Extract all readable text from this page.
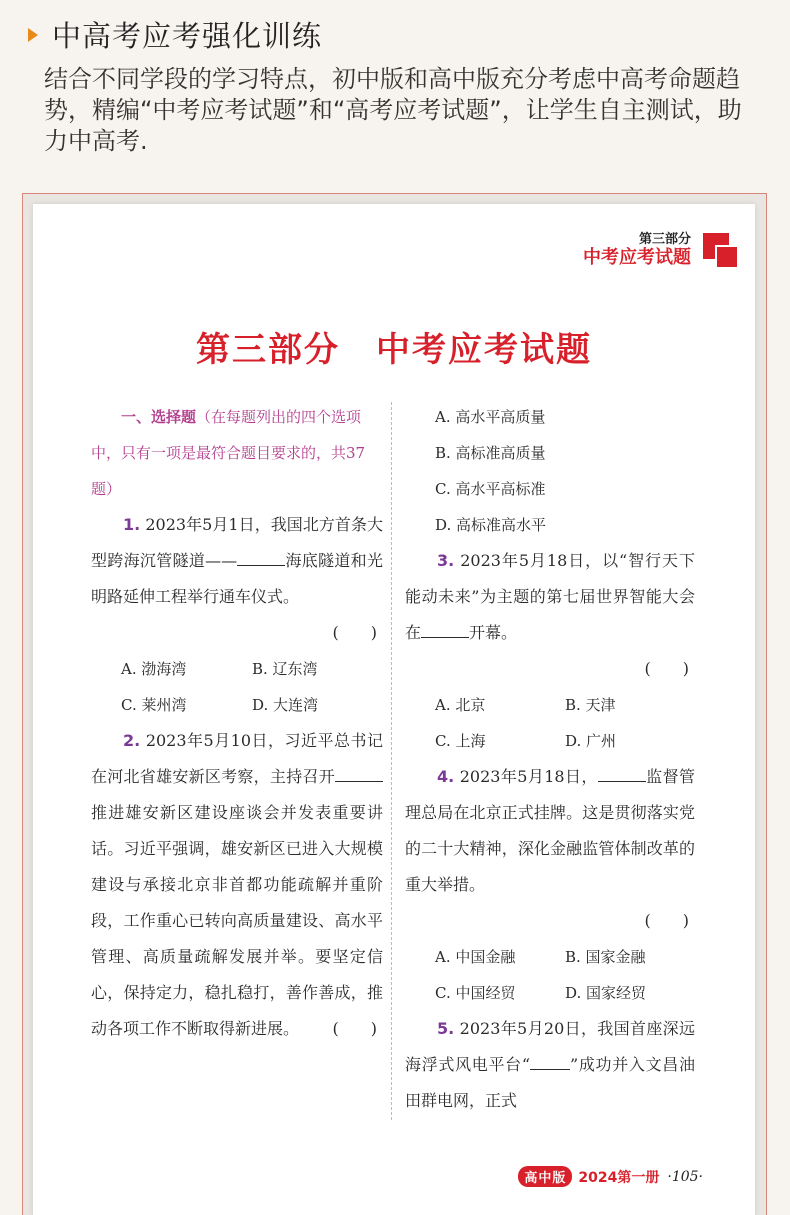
中高考应考强化训练

结合不同学段的学习特点，初中版和高中版充分考虑中高考命题趋势，精编“中考应考试题”和“高考应考试题”，让学生自主测试，助力中高考.

第三部分
中考应考试题
第三部分　中考应考试题

一、选择题（在每题列出的四个选项中，只有一项是最符合题目要求的，共37题）

1. 2023年5月1日，我国北方首条大型跨海沉管隧道——	海底隧道和光明路延伸工程举行通车仪式。

(　　)
A. 渤海湾	B. 辽东湾
C. 莱州湾	D. 大连湾

2. 2023年5月10日，习近平总书记在河北省雄安新区考察，主持召开推进雄安新区建设座谈会并发表重要讲话。习近平强调，雄安新区已进入大规模建设与承接北京非首都功能疏解并重阶段，工作重心已转向高质量建设、高水平管理、高质量疏解发展并举。要坚定信心，保持定力，稳扎稳打，善作善成，推动各项工作不断取得新进展。	(　　)

A. 高水平高质量
B. 高标准高质量
C. 高水平高标准
D. 高标准高水平

3. 2023年5月18日，以“智行天下　能动未来”为主题的第七届世界智能大会在	开幕。

(　　)
A. 北京	B. 天津
C. 上海	D. 广州

4. 2023年5月18日，	监督管理总局在北京正式挂牌。这是贯彻落实党的二十大精神，深化金融监管体制改革的重大举措。

(　　)
A. 中国金融	B. 国家金融
C. 中国经贸	D. 国家经贸

5. 2023年5月20日，我国首座深远海浮式风电平台“	”成功并入文昌油田群电网，正式

高中版 2024第一册 ·105·
